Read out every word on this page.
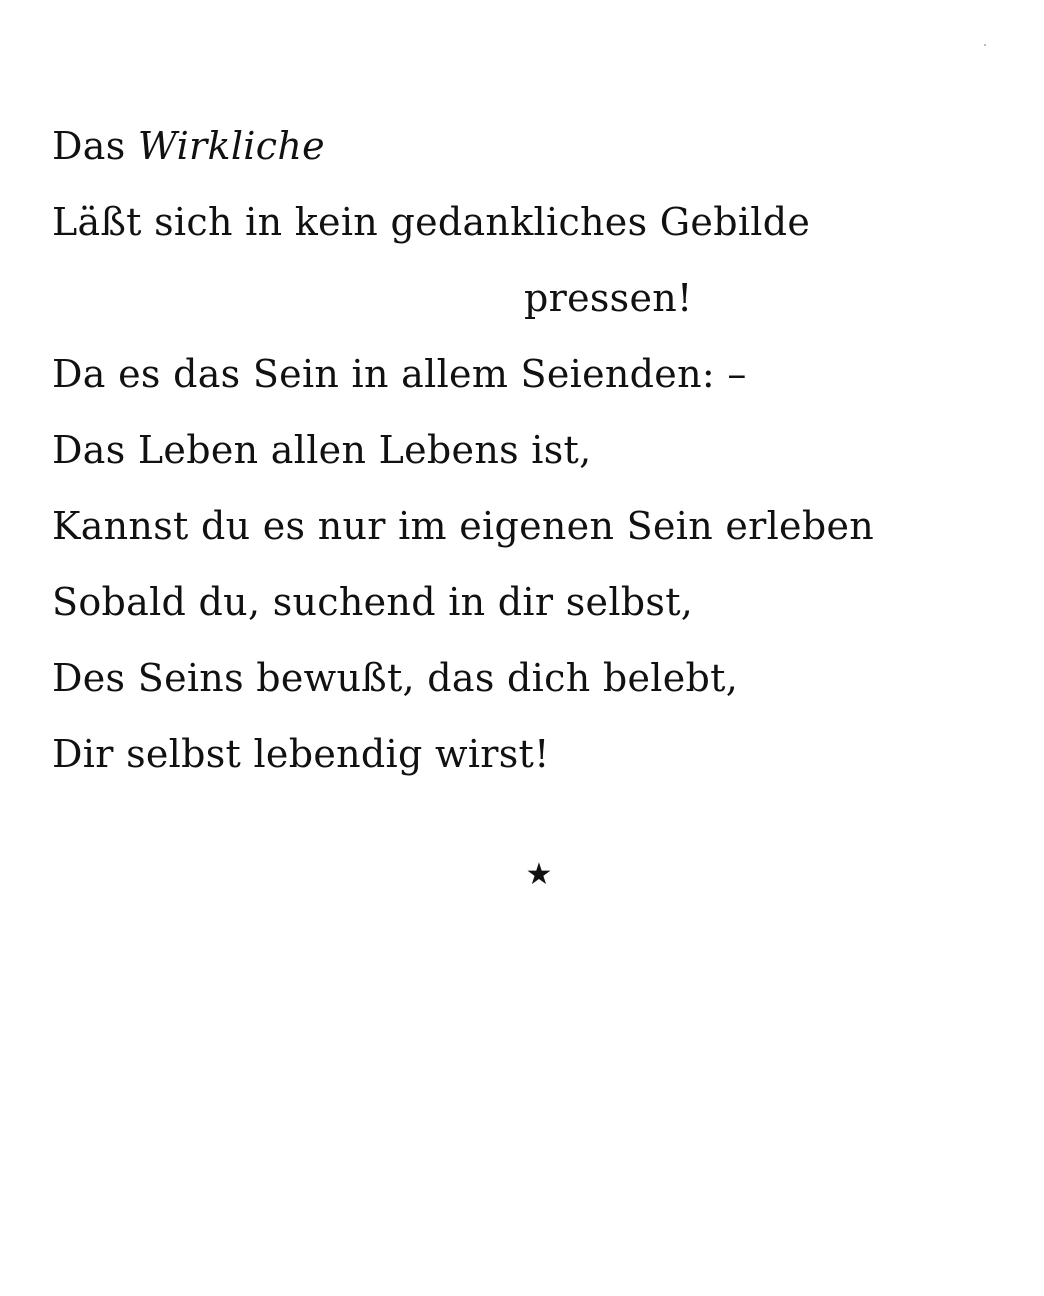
Das Wirkliche
Läßt sich in kein gedankliches Gebilde
pressen!
Da es das Sein in allem Seienden: –
Das Leben allen Lebens ist,
Kannst du es nur im eigenen Sein erleben
Sobald du, suchend in dir selbst,
Des Seins bewußt, das dich belebt,
Dir selbst lebendig wirst!
★
